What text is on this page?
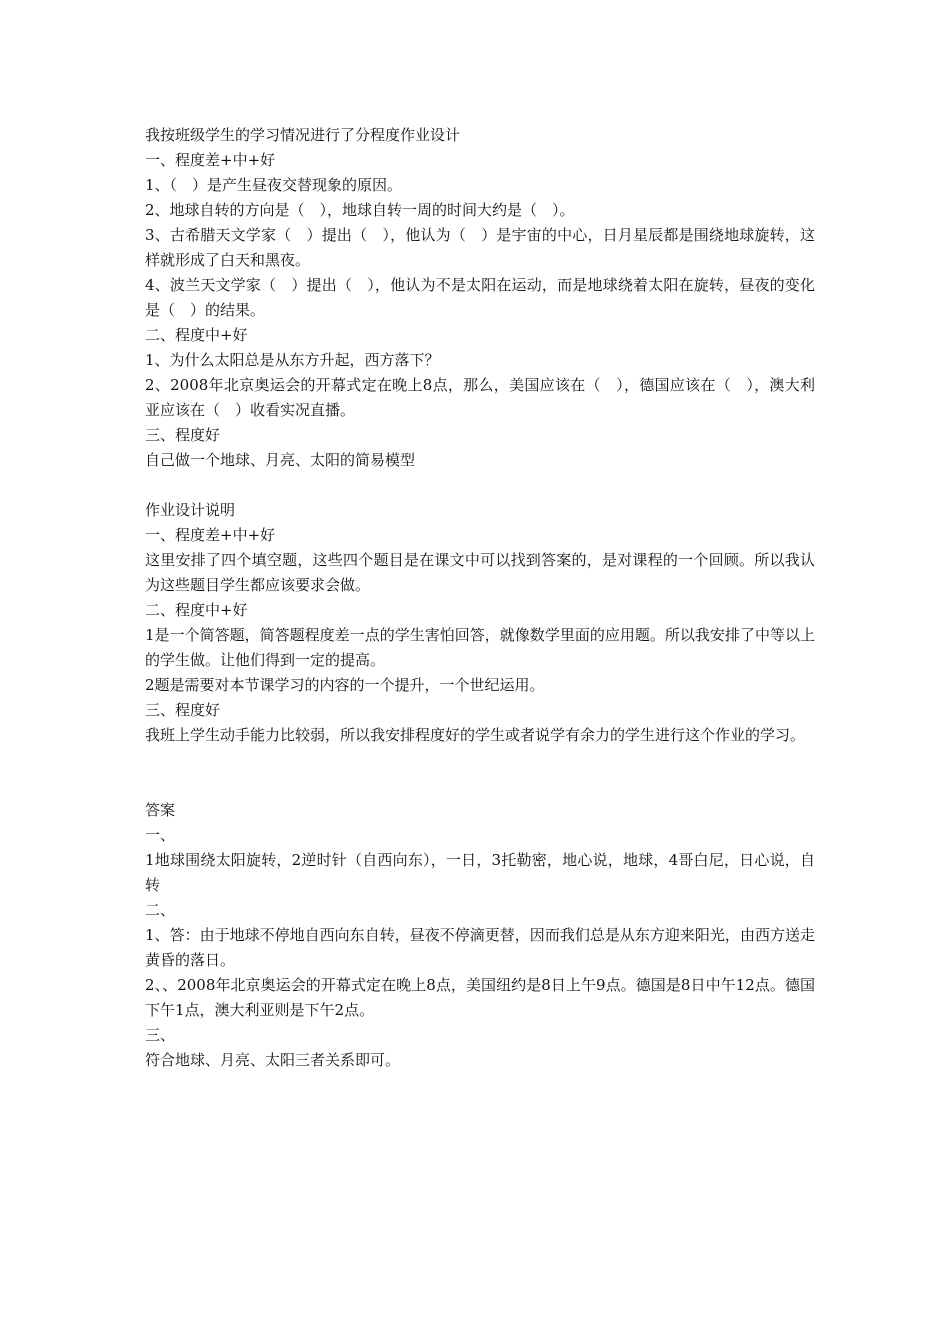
我按班级学生的学习情况进行了分程度作业设计

一、程度差+中+好

1、（　）是产生昼夜交替现象的原因。

2、地球自转的方向是（　），地球自转一周的时间大约是（　）。

3、古希腊天文学家（　）提出（　），他认为（　）是宇宙的中心，日月星辰都是围绕地球旋转，这样就形成了白天和黑夜。

4、波兰天文学家（　）提出（　），他认为不是太阳在运动，而是地球绕着太阳在旋转，昼夜的变化是（　）的结果。

二、程度中+好

1、为什么太阳总是从东方升起，西方落下？

2、2008年北京奥运会的开幕式定在晚上8点，那么，美国应该在（　），德国应该在（　），澳大利亚应该在（　）收看实况直播。

三、程度好

自己做一个地球、月亮、太阳的简易模型

作业设计说明

一、程度差+中+好

这里安排了四个填空题，这些四个题目是在课文中可以找到答案的，是对课程的一个回顾。所以我认为这些题目学生都应该要求会做。

二、程度中+好

1是一个简答题，简答题程度差一点的学生害怕回答，就像数学里面的应用题。所以我安排了中等以上的学生做。让他们得到一定的提高。

2题是需要对本节课学习的内容的一个提升，一个世纪运用。

三、程度好

我班上学生动手能力比较弱，所以我安排程度好的学生或者说学有余力的学生进行这个作业的学习。

答案

一、

1地球围绕太阳旋转，2逆时针（自西向东），一日，3托勒密，地心说，地球，4哥白尼，日心说，自转

二、

1、答：由于地球不停地自西向东自转，昼夜不停滴更替，因而我们总是从东方迎来阳光，由西方送走黄昏的落日。

2、、2008年北京奥运会的开幕式定在晚上8点，美国纽约是8日上午9点。德国是8日中午12点。德国下午1点，澳大利亚则是下午2点。

三、

符合地球、月亮、太阳三者关系即可。
